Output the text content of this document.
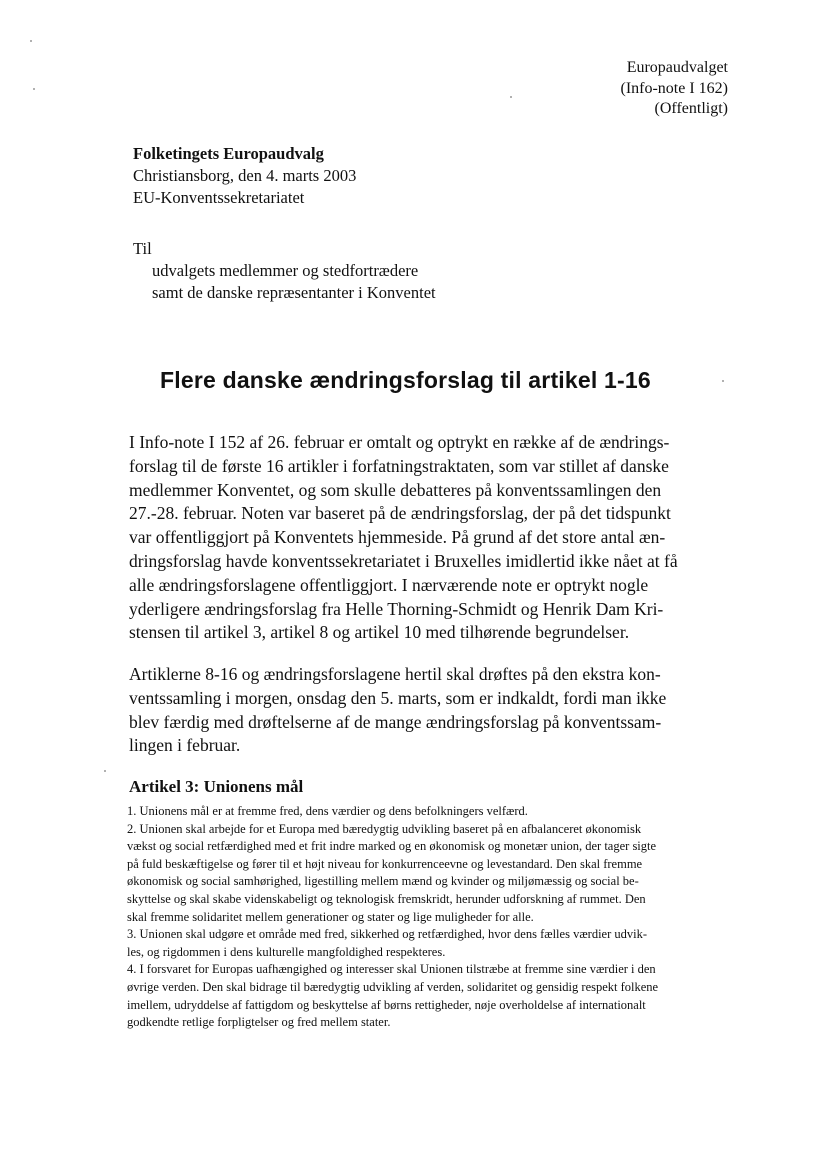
Europaudvalget
(Info-note I 162)
(Offentligt)
Folketingets Europaudvalg
Christiansborg, den 4. marts 2003
EU-Konventssekretariatet
Til
udvalgets medlemmer og stedfortrædere
samt de danske repræsentanter i Konventet
Flere danske ændringsforslag til artikel 1-16
I Info-note I 152 af 26. februar er omtalt og optrykt en række af de ændrings-
forslag til de første 16 artikler i forfatningstraktaten, som var stillet af danske
medlemmer Konventet, og som skulle debatteres på konventssamlingen den
27.-28. februar. Noten var baseret på de ændringsforslag, der på det tidspunkt
var offentliggjort på Konventets hjemmeside. På grund af det store antal æn-
dringsforslag havde konventssekretariatet i Bruxelles imidlertid ikke nået at få
alle ændringsforslagene offentliggjort. I nærværende note er optrykt nogle
yderligere ændringsforslag fra Helle Thorning-Schmidt og Henrik Dam Kri-
stensen til artikel 3, artikel 8 og artikel 10 med tilhørende begrundelser.
Artiklerne 8-16 og ændringsforslagene hertil skal drøftes på den ekstra kon-
ventssamling i morgen, onsdag den 5. marts, som er indkaldt, fordi man ikke
blev færdig med drøftelserne af de mange ændringsforslag på konventssam-
lingen i februar.
Artikel 3: Unionens mål

1. Unionens mål er at fremme fred, dens værdier og dens befolkningers velfærd.

2. Unionen skal arbejde for et Europa med bæredygtig udvikling baseret på en afbalanceret økonomisk
vækst og social retfærdighed med et frit indre marked og en økonomisk og monetær union, der tager sigte
på fuld beskæftigelse og fører til et højt niveau for konkurrenceevne og levestandard. Den skal fremme
økonomisk og social samhørighed, ligestilling mellem mænd og kvinder og miljømæssig og social be-
skyttelse og skal skabe videnskabeligt og teknologisk fremskridt, herunder udforskning af rummet. Den
skal fremme solidaritet mellem generationer og stater og lige muligheder for alle.

3. Unionen skal udgøre et område med fred, sikkerhed og retfærdighed, hvor dens fælles værdier udvik-
les, og rigdommen i dens kulturelle mangfoldighed respekteres.

4. I forsvaret for Europas uafhængighed og interesser skal Unionen tilstræbe at fremme sine værdier i den
øvrige verden. Den skal bidrage til bæredygtig udvikling af verden, solidaritet og gensidig respekt folkene
imellem, udryddelse af fattigdom og beskyttelse af børns rettigheder, nøje overholdelse af internationalt
godkendte retlige forpligtelser og fred mellem stater.
